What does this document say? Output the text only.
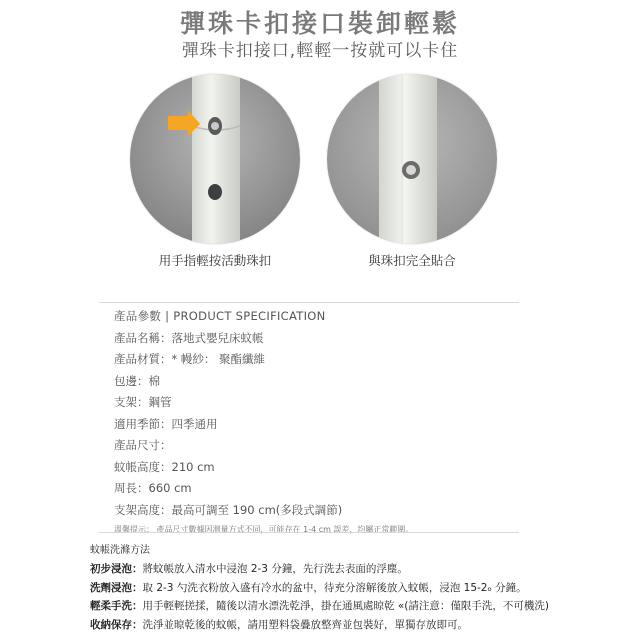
彈珠卡扣接口裝卸輕鬆
彈珠卡扣接口,輕輕一按就可以卡住
用手指輕按活動珠扣	與珠扣完全貼合
產品參數 | PRODUCT SPECIFICATION
產品名稱：落地式嬰兒床蚊帳
產品材質：* 幔紗： 聚酯纖維
包邊：棉
支架：鋼管
適用季節：四季通用
產品尺寸：
蚊帳高度：210 cm
周長：660 cm
支架高度：最高可調至 190 cm(多段式調節)
溫馨提示： 產品尺寸數據因測量方式不同，可能存在 1-4 cm 誤差，均屬正常範圍。
蚊帳洗滌方法
初步浸泡：將蚊帳放入清水中浸泡 2-3 分鐘，先行洗去表面的浮塵。
洗劑浸泡：取 2-3 勺洗衣粉放入盛有冷水的盆中，待充分溶解後放入蚊帳，浸泡 15-2ₒ 分鐘。
輕柔手洗：用手輕輕搓揉，隨後以清水漂洗乾淨，掛在通風處晾乾 «(請注意：僅限手洗，不可機洗)
收納保存：洗淨並晾乾後的蚊帳，請用塑料袋疊放整齊並包裝好，單獨存放即可。
